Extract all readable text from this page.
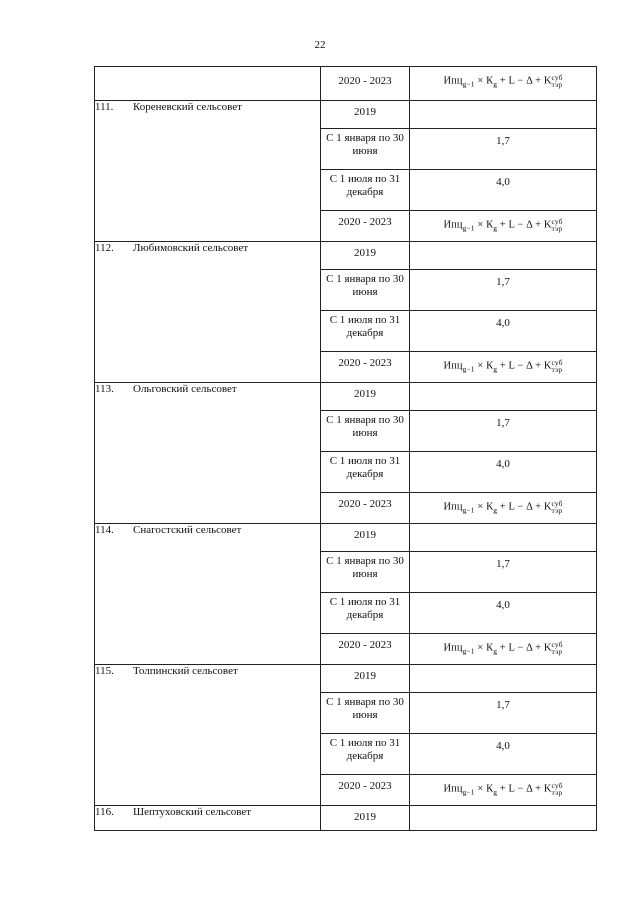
22

	2020 - 2023	$Ипц_{g-1} \times К_g + L - \Delta + K$ суб
тэр

111. Кореневский сельсовет	2019	

	С 1 января по 30 июня	1,7

	С 1 июля по 31 декабря	4,0

	2020 - 2023	$Ипц_{g-1} \times К_g + L - \Delta + K$ суб
тэр

112. Любимовский сельсовет	2019	

	С 1 января по 30 июня	1,7

	С 1 июля по 31 декабря	4,0

	2020 - 2023	$Ипц_{g-1} \times К_g + L - \Delta + K$ суб
тэр

113. Ольговский сельсовет	2019	

	С 1 января по 30 июня	1,7

	С 1 июля по 31 декабря	4,0

	2020 - 2023	$Ипц_{g-1} \times К_g + L - \Delta + K$ суб
тэр

114. Снагостский сельсовет	2019	

	С 1 января по 30 июня	1,7

	С 1 июля по 31 декабря	4,0

	2020 - 2023	$Ипц_{g-1} \times К_g + L - \Delta + K$ суб
тэр

115. Толпинский сельсовет	2019	

	С 1 января по 30 июня	1,7

	С 1 июля по 31 декабря	4,0

	2020 - 2023	$Ипц_{g-1} \times К_g + L - \Delta + K$ суб
тэр

116. Шептуховский сельсовет	2019	
